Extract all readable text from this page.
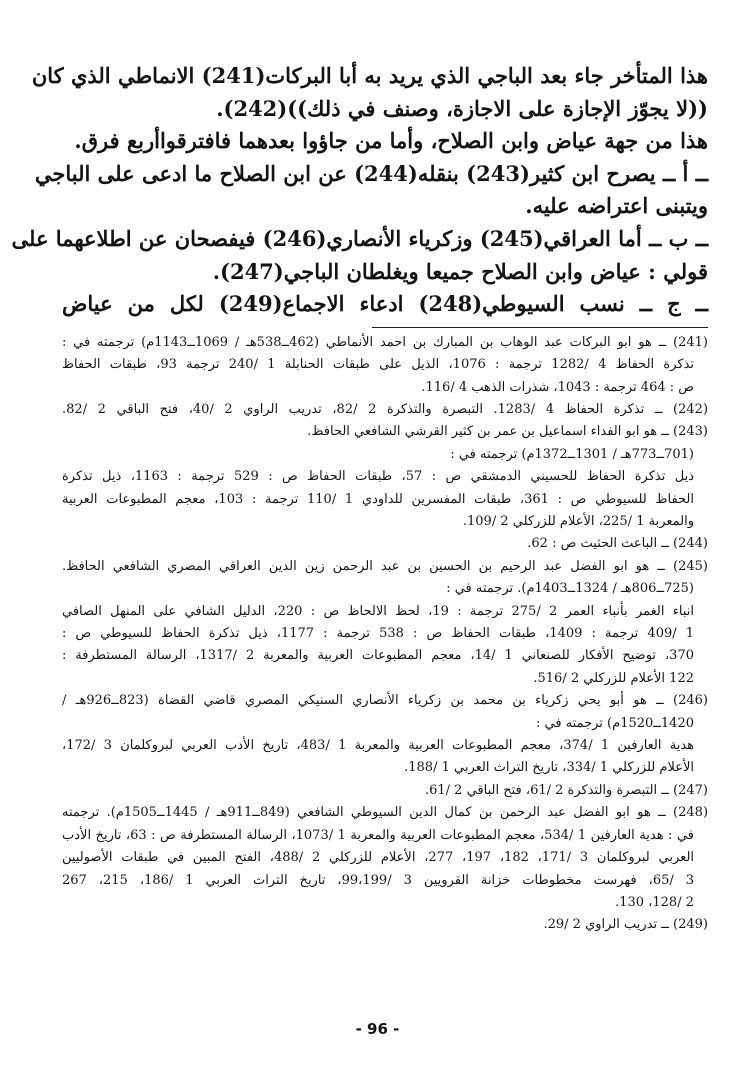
هذا المتأخر جاء بعد الباجي الذي يريد به أبا البركات(241) الانماطي الذي كان
((لا يجوّز الإجازة على الاجازة، وصنف في ذلك))(242).
هذا من جهة عياض وابن الصلاح، وأما من جاؤوا بعدهما فافترقواأربع فرق.
ــ أ ــ يصرح ابن كثير(243) بنقله(244) عن ابن الصلاح ما ادعى على الباجي
ويتبنى اعتراضه عليه.
ــ ب ــ أما العراقي(245) وزكرياء الأنصاري(246) فيفصحان عن اطلاعهما على
قولي : عياض وابن الصلاح جميعا ويغلطان الباجي(247).
ــ ج ــ نسب السيوطي(248) ادعاء الاجماع(249) لكل من عياض
(241) ــ هو ابو البركات عبد الوهاب بن المبارك بن احمد الأنماطي (462ــ538هـ / 1069ــ1143م) ترجمته في :
تذكرة الحفاظ 4 /1282 ترجمة : 1076، الذيل على طبقات الحنابلة 1 /240 ترجمة 93، طبقات الحفاظ
ص : 464 ترجمة : 1043، شذرات الذهب 4 /116.
(242) ــ تذكرة الحفاظ 4 /1283. التبصرة والتذكرة 2 /82، تدريب الراوي 2 /40، فتح الباقي 2 /82.
(243) ــ هو ابو الفداء اسماعيل بن عمر بن كثير القرشي الشافعي الحافظ.
(701ــ773هـ / 1301ــ1372م) ترجمته في :
ذيل تذكرة الحفاظ للحسيني الدمشقي ص : 57، طبقات الحفاظ ص : 529 ترجمة : 1163، ذيل تذكرة
الحفاظ للسيوطي ص : 361، طبقات المفسرين للداودي 1 /110 ترجمة : 103، معجم المطبوعات العربية
والمعربة 1 /225، الأعلام للزركلي 2 /109.
(244) ــ الباعث الحثيث ص : 62.
(245) ــ هو ابو الفضل عبد الرحيم بن الحسين بن عبد الرحمن زين الدين العراقي المصري الشافعي الحافظ.
(725ــ806هـ / 1324ــ1403م). ترجمته في :
انباء الغمر بأنباء العمر 2 /275 ترجمة : 19، لحظ الالحاظ ص : 220، الدليل الشافي على المنهل الصافي
1 /409 ترجمة : 1409، طبقات الحفاظ ص : 538 ترجمة : 1177، ذيل تذكرة الحفاظ للسيوطي ص :
370، توضيح الأفكار للصنعاني 1 /14، معجم المطبوعات العربية والمعربة 2 /1317، الرسالة المستطرفة :
122 الأعلام للزركلي 2 /516.
(246) ــ هو أبو يحي زكرياء بن محمد بن زكرياء الأنصاري السنيكي المصري قاضي القضاة (823ــ926هـ /
1420ــ1520م) ترجمته في :
هدية العارفين 1 /374، معجم المطبوعات العربية والمعربة 1 /483، تاريخ الأدب العربي لبروكلمان 3 /172،
الأعلام للزركلي 1 /334، تاريخ التراث العربي 1 /188.
(247) ــ التبصرة والتذكرة 2 /61، فتح الباقي 2 /61.
(248) ــ هو ابو الفضل عبد الرحمن بن كمال الدين السيوطي الشافعي (849ــ911هـ / 1445ــ1505م). ترجمته
في : هدية العارفين 1 /534، معجم المطبوعات العربية والمعربة 1 /1073، الرسالة المستطرفة ص : 63، تاريخ الأدب
العربي لبروكلمان 3 /171، 182، 197، 277، الأعلام للزركلي 2 /488، الفتح المبين في طبقات الأصوليين
3 /65، فهرست مخطوطات خزانة القرويين 3 /99،199، تاريخ التراث العربي 1 /186، 215، 267
2 /128، 130.
(249) ــ تدريب الراوي 2 /29.
- 96 -
